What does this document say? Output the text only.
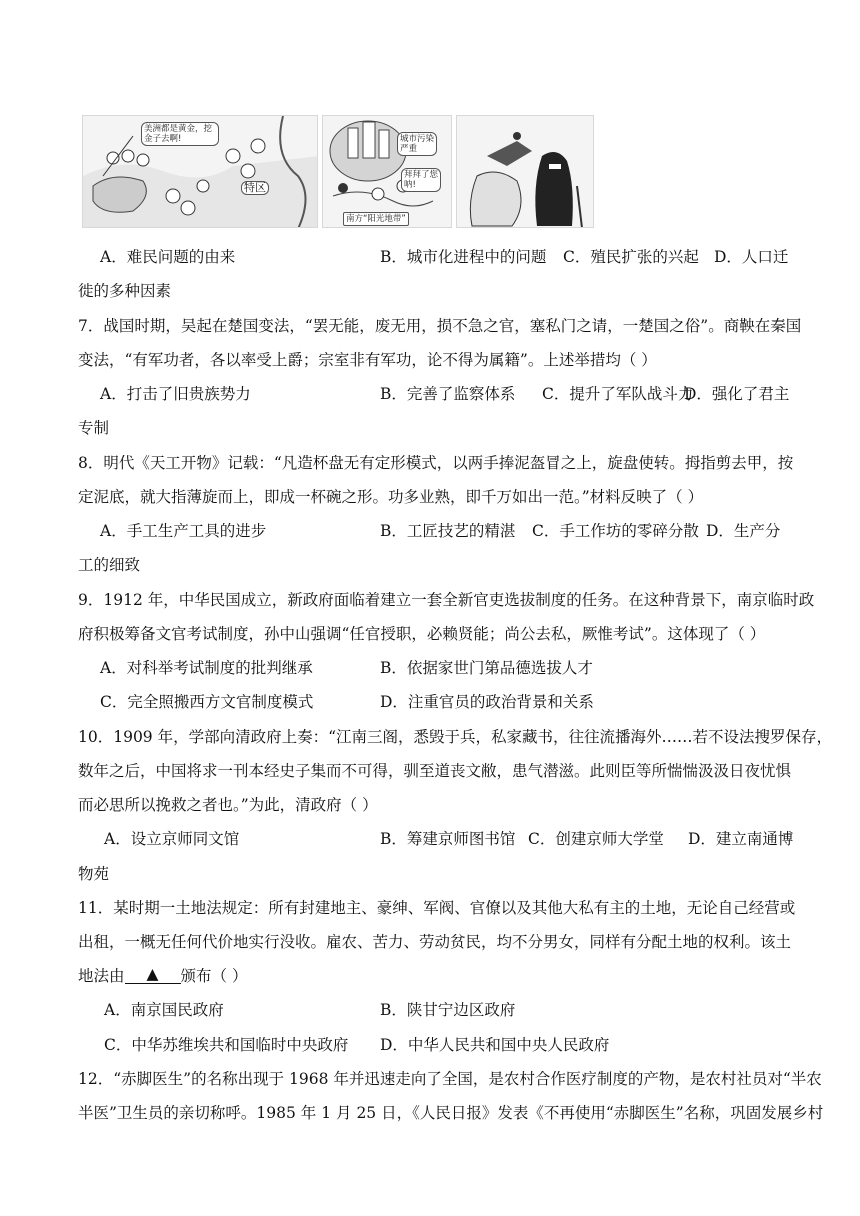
美洲都是黄金，挖金子去啊!
特区
城市污染严重
拜拜了您呐!
南方“阳光地带”
A．难民问题的由来	B．城市化进程中的问题 C．殖民扩张的兴起 D．人口迁
徙的多种因素
7．战国时期，吴起在楚国变法，“罢无能，废无用，损不急之官，塞私门之请，一楚国之俗”。商鞅在秦国
变法，“有军功者，各以率受上爵；宗室非有军功，论不得为属籍”。上述举措均（ ）
A．打击了旧贵族势力	B．完善了监察体系 C．提升了军队战斗力
D．强化了君主
专制
8．明代《天工开物》记载：“凡造杯盘无有定形模式，以两手捧泥盔冒之上，旋盘使转。拇指剪去甲，按
定泥底，就大指薄旋而上，即成一杯碗之形。功多业熟，即千万如出一范。”材料反映了（ ）
A．手工生产工具的进步	B．工匠技艺的精湛 C．手工作坊的零碎分散 D．生产分
工的细致
9．1912 年，中华民国成立，新政府面临着建立一套全新官吏选拔制度的任务。在这种背景下，南京临时政
府积极筹备文官考试制度，孙中山强调“任官授职，必赖贤能；尚公去私，厥惟考试”。这体现了（ ）
A．对科举考试制度的批判继承	B．依据家世门第品德选拔人才
C．完全照搬西方文官制度模式	D．注重官员的政治背景和关系
10．1909 年，学部向清政府上奏：“江南三阁，悉毁于兵，私家藏书，往往流播海外……若不设法搜罗保存，
数年之后，中国将求一刊本经史子集而不可得，驯至道丧文敝，患气潜滋。此则臣等所惴惴汲汲日夜忧惧
而必思所以挽救之者也。”为此，清政府（ ）
A．设立京师同文馆	B．筹建京师图书馆 C．创建京师大学堂 D．建立南通博
物苑
11．某时期一土地法规定：所有封建地主、豪绅、军阀、官僚以及其他大私有主的土地，无论自己经营或
出租，一概无任何代价地实行没收。雇农、苦力、劳动贫民，均不分男女，同样有分配土地的权利。该土
地法由 ▲ 颁布（ ）
A．南京国民政府	B．陕甘宁边区政府
C．中华苏维埃共和国临时中央政府 D．中华人民共和国中央人民政府
12．“赤脚医生”的名称出现于 1968 年并迅速走向了全国，是农村合作医疗制度的产物，是农村社员对“半农
半医”卫生员的亲切称呼。1985 年 1 月 25 日，《人民日报》发表《不再使用“赤脚医生”名称，巩固发展乡村
